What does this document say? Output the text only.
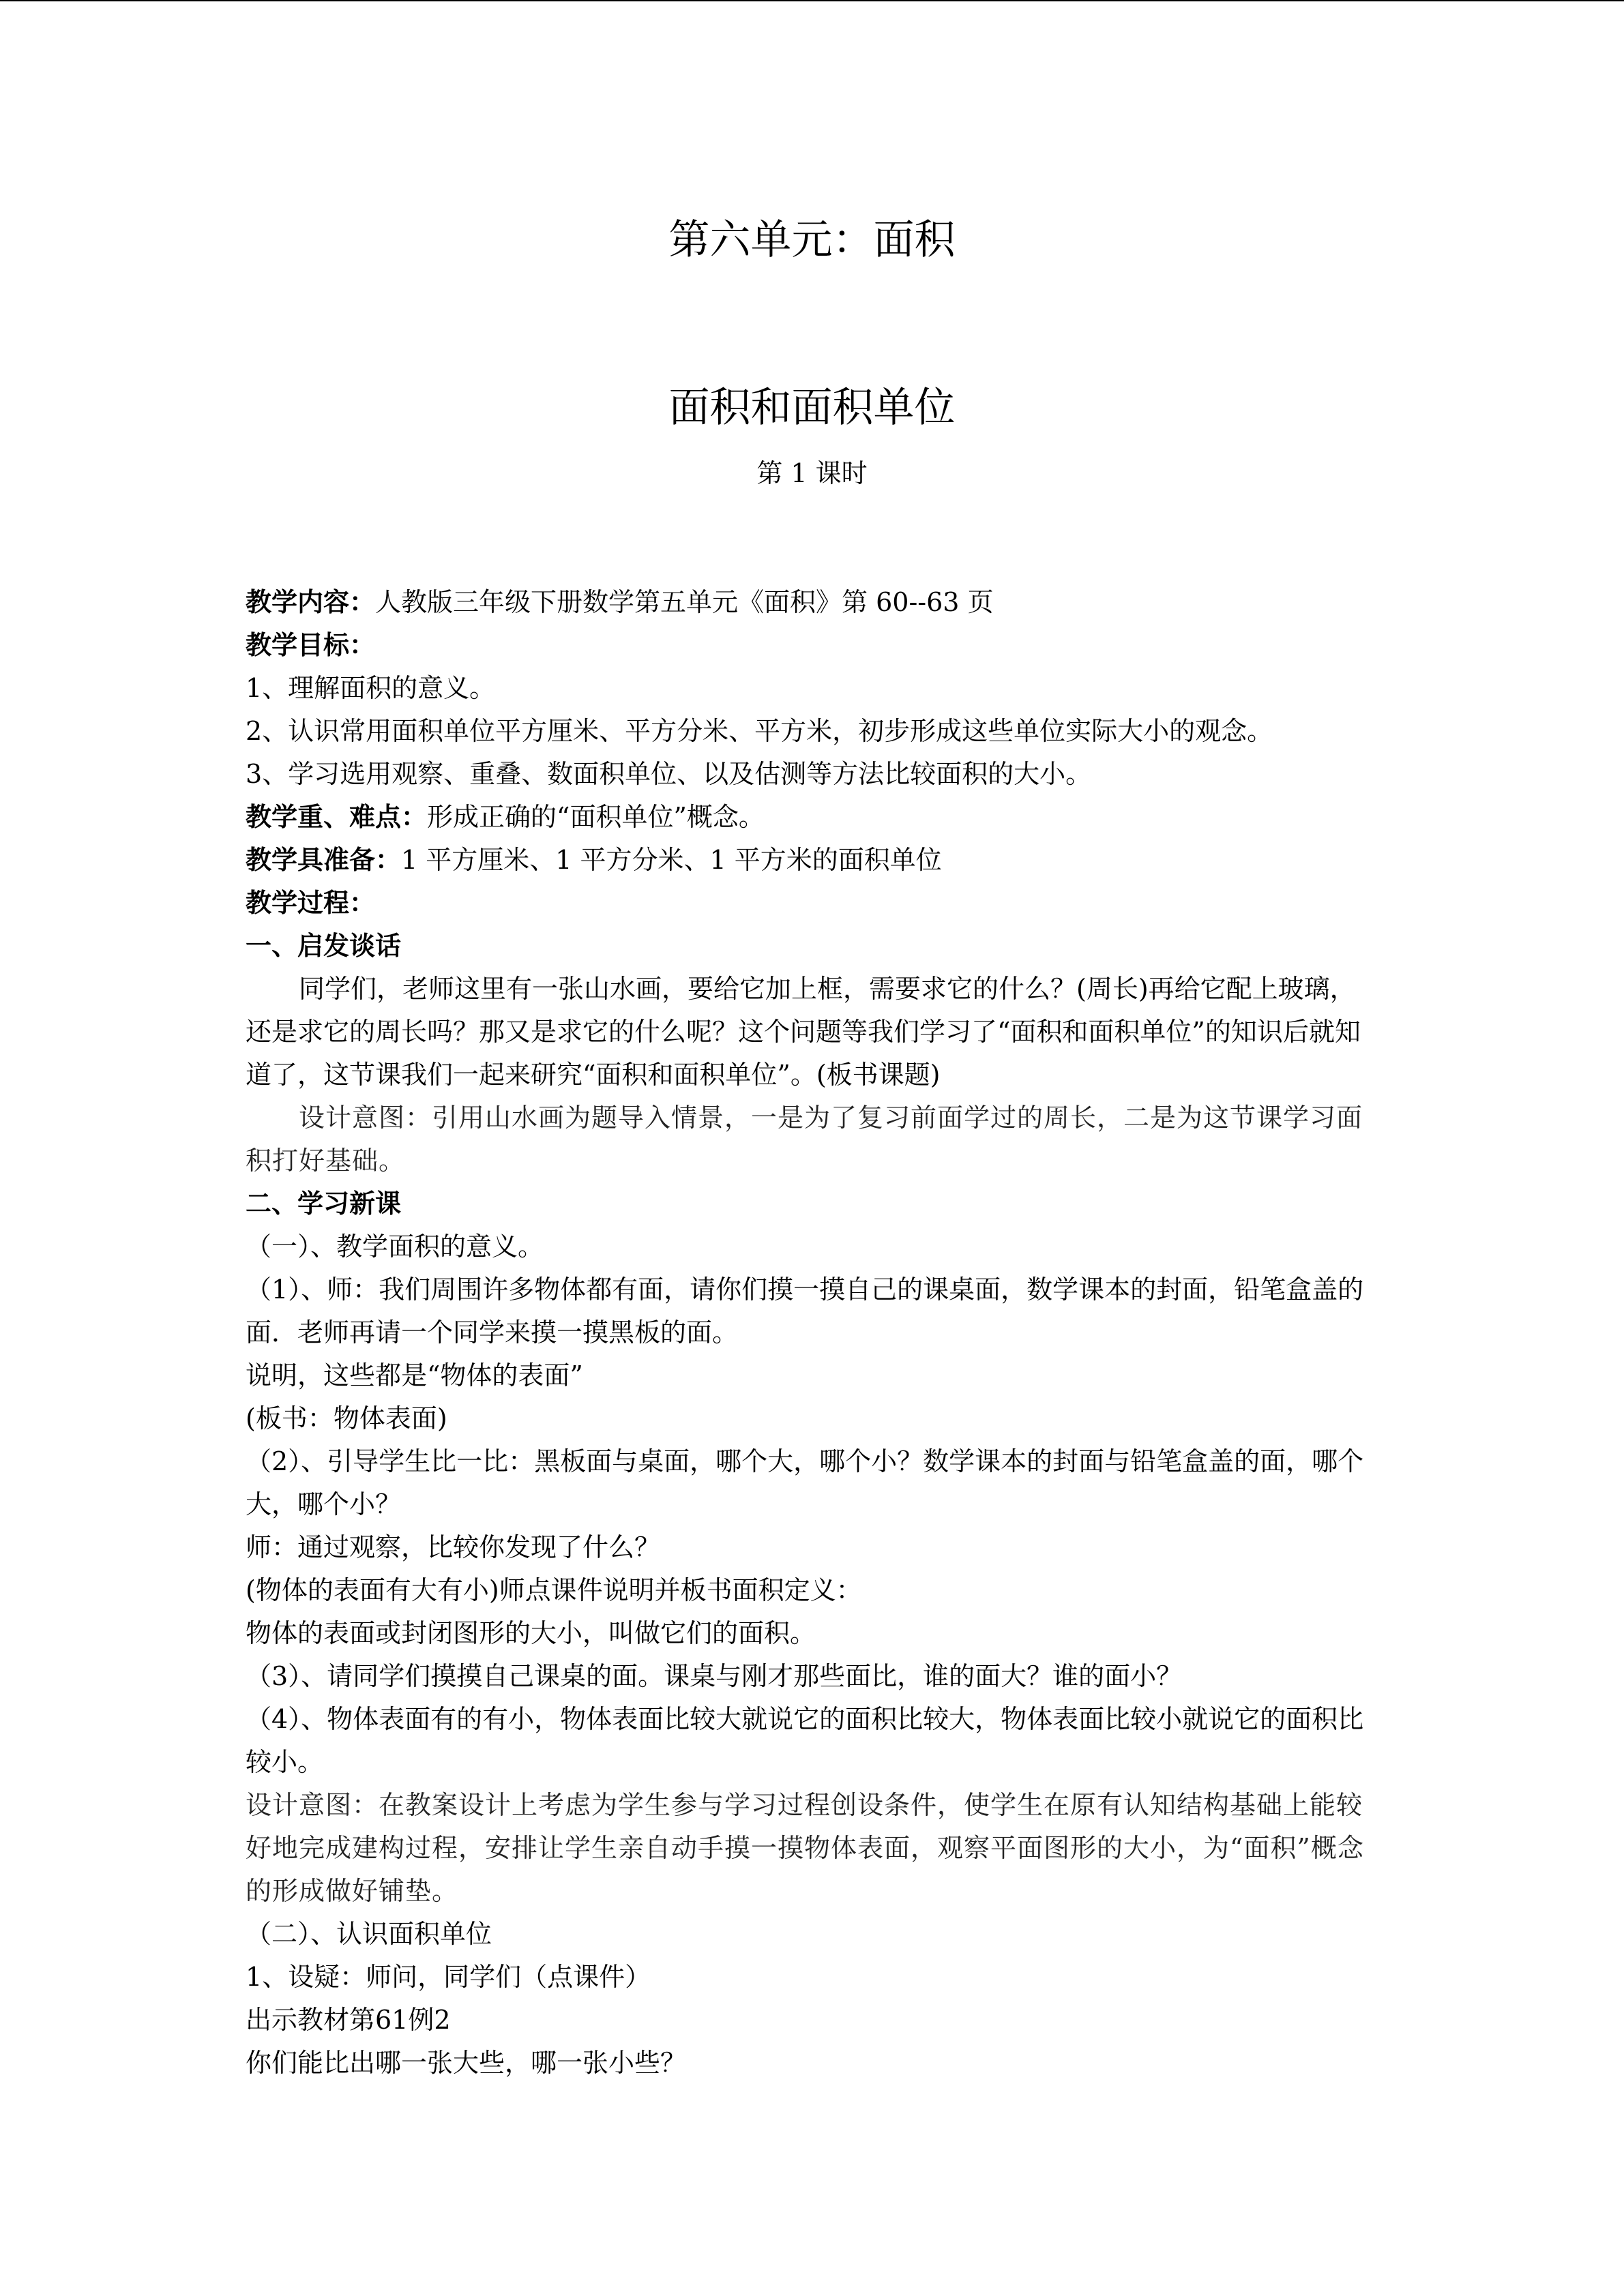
第六单元：面积
面积和面积单位
第 1 课时
教学内容：人教版三年级下册数学第五单元《面积》第 60--63 页
教学目标：
1、理解面积的意义。
2、认识常用面积单位平方厘米、平方分米、平方米，初步形成这些单位实际大小的观念。
3、学习选用观察、重叠、数面积单位、以及估测等方法比较面积的大小。
教学重、难点：形成正确的“面积单位”概念。
教学具准备：1 平方厘米、1 平方分米、1 平方米的面积单位
教学过程：
一、启发谈话
同学们，老师这里有一张山水画，要给它加上框，需要求它的什么？(周长)再给它配上玻璃，还是求它的周长吗？那又是求它的什么呢？这个问题等我们学习了“面积和面积单位”的知识后就知道了，这节课我们一起来研究“面积和面积单位”。(板书课题)
设计意图：引用山水画为题导入情景，一是为了复习前面学过的周长，二是为这节课学习面积打好基础。
二、学习新课
（一）、教学面积的意义。
（1）、师：我们周围许多物体都有面，请你们摸一摸自己的课桌面，数学课本的封面，铅笔盒盖的面．老师再请一个同学来摸一摸黑板的面。
说明，这些都是“物体的表面”
(板书：物体表面)
（2）、引导学生比一比：黑板面与桌面，哪个大，哪个小？数学课本的封面与铅笔盒盖的面，哪个大，哪个小？
师：通过观察，比较你发现了什么？
(物体的表面有大有小)师点课件说明并板书面积定义：
物体的表面或封闭图形的大小，叫做它们的面积。
（3）、请同学们摸摸自己课桌的面。课桌与刚才那些面比，谁的面大？谁的面小？
（4）、物体表面有的有小，物体表面比较大就说它的面积比较大，物体表面比较小就说它的面积比较小。
设计意图：在教案设计上考虑为学生参与学习过程创设条件，使学生在原有认知结构基础上能较好地完成建构过程，安排让学生亲自动手摸一摸物体表面，观察平面图形的大小，为“面积”概念的形成做好铺垫。
（二）、认识面积单位
1、设疑：师问，同学们（点课件）
出示教材第61例2
你们能比出哪一张大些，哪一张小些？
